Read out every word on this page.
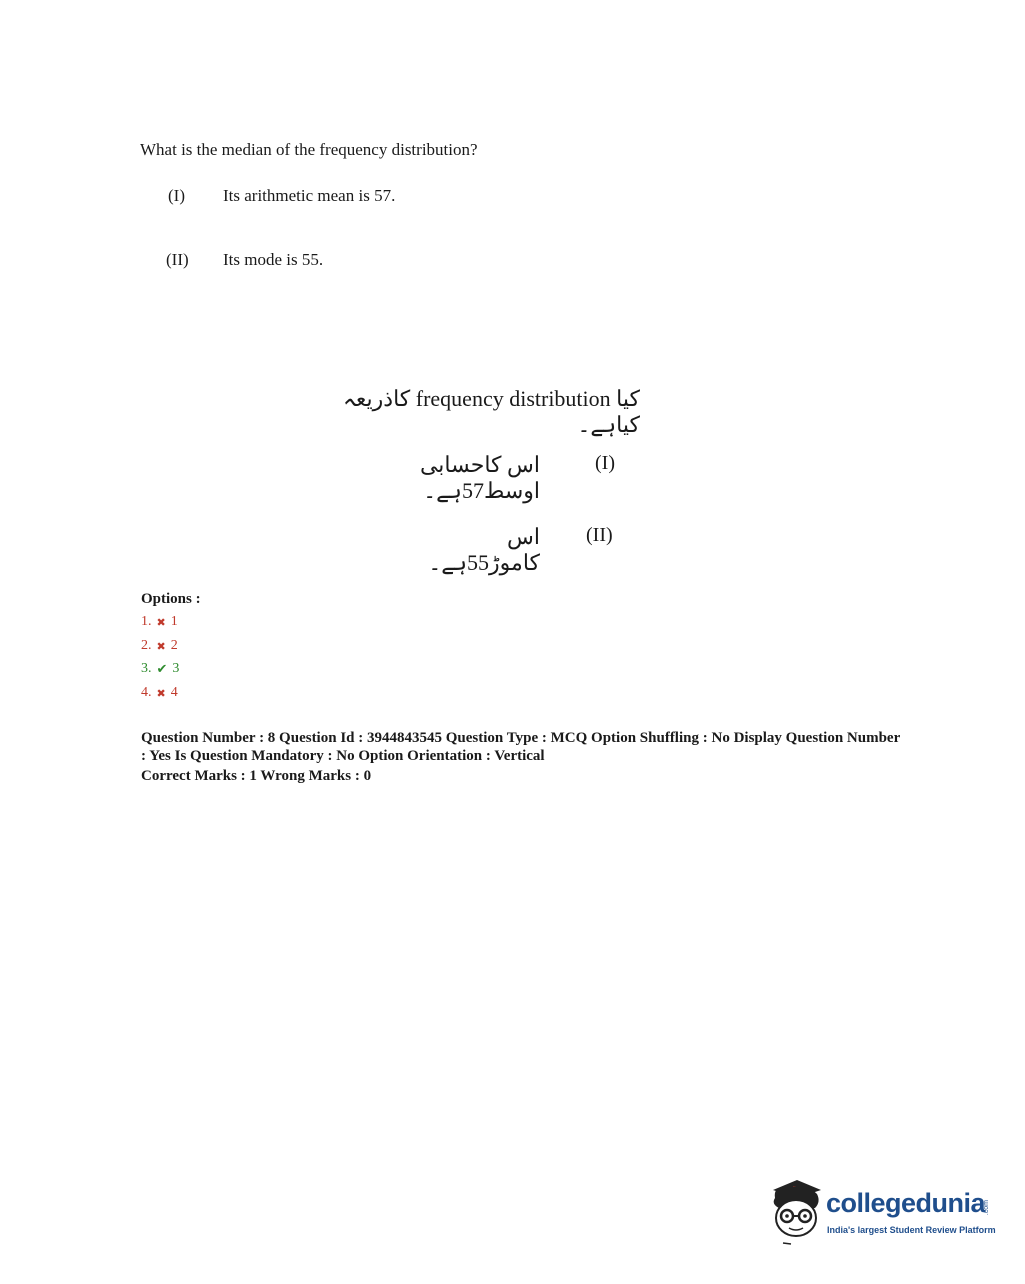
What is the median of the frequency distribution?
(I) Its arithmetic mean is 57.
(II) Its mode is 55.
کیا frequency distribution کاذریعہ کیاہے۔
اس کاحسابی اوسط57ہے۔
(I)
اس کاموڑ55ہے۔
(II)
Options :
1. ✖ 1
2. ✖ 2
3. ✔ 3
4. ✖ 4
Question Number : 8 Question Id : 3944843545 Question Type : MCQ Option Shuffling : No Display Question Number : Yes Is Question Mandatory : No Option Orientation : Vertical
Correct Marks : 1 Wrong Marks : 0
collegedunia
.com
India's largest Student Review Platform
